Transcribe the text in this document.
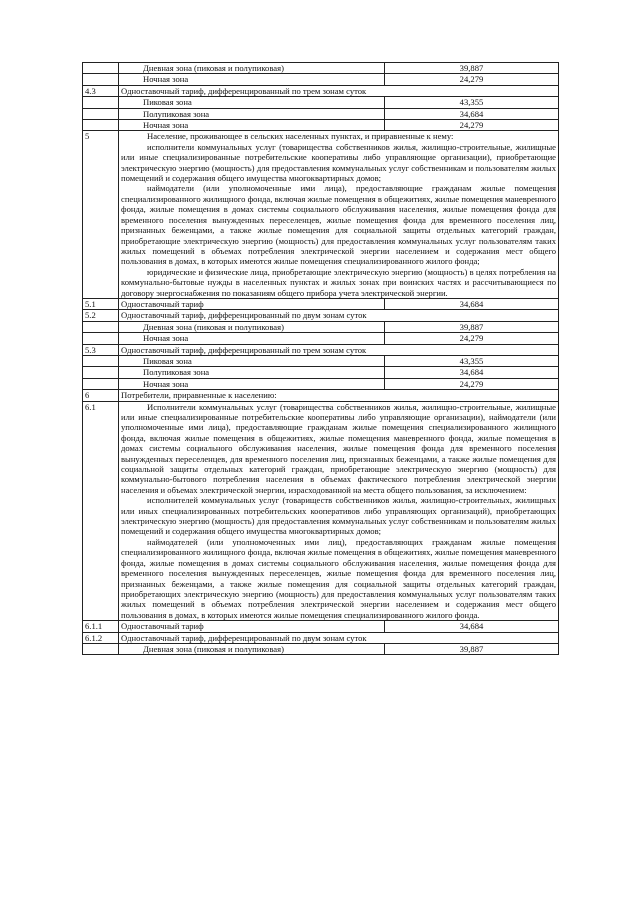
	Дневная зона (пиковая и полупиковая)	39,887
	Ночная зона	24,279
4.3	Одноставочный тариф, дифференцированный по трем зонам суток	
	Пиковая зона	43,355
	Полупиковая зона	34,684
	Ночная зона	24,279
5	Население, проживающее в сельских населенных пунктах, и приравненные к нему:
исполнители коммунальных услуг (товарищества собственников жилья, жилищно-строительные, жилищные или иные специализированные потребительские кооперативы либо управляющие организации), приобретающие электрическую энергию (мощность) для предоставления коммунальных услуг собственникам и пользователям жилых помещений и содержания общего имущества многоквартирных домов;
наймодатели (или уполномоченные ими лица), предоставляющие гражданам жилые помещения специализированного жилищного фонда, включая жилые помещения в общежитиях, жилые помещения маневренного фонда, жилые помещения в домах системы социального обслуживания населения, жилые помещения фонда для временного поселения вынужденных переселенцев, жилые помещения фонда для временного поселения лиц, признанных беженцами, а также жилые помещения для социальной защиты отдельных категорий граждан, приобретающие электрическую энергию (мощность) для предоставления коммунальных услуг пользователям таких жилых помещений в объемах потребления электрической энергии населением и содержания мест общего пользования в домах, в которых имеются жилые помещения специализированного жилого фонда;
юридические и физические лица, приобретающие электрическую энергию (мощность) в целях потребления на коммунально-бытовые нужды в населенных пунктах и жилых зонах при воинских частях и рассчитывающиеся по договору энергоснабжения по показаниям общего прибора учета электрической энергии.	

5.1	Одноставочный тариф	34,684
5.2	Одноставочный тариф, дифференцированный по двум зонам суток	
	Дневная зона (пиковая и полупиковая)	39,887
	Ночная зона	24,279
5.3	Одноставочный тариф, дифференцированный по трем зонам суток	
	Пиковая зона	43,355
	Полупиковая зона	34,684
	Ночная зона	24,279
6	Потребители, приравненные к населению:	
6.1	Исполнители коммунальных услуг (товарищества собственников жилья, жилищно-строительные, жилищные или иные специализированные потребительские кооперативы либо управляющие организации), наймодатели (или уполномоченные ими лица), предоставляющие гражданам жилые помещения специализированного жилищного фонда, включая жилые помещения в общежитиях, жилые помещения маневренного фонда, жилые помещения в домах системы социального обслуживания населения, жилые помещения фонда для временного поселения вынужденных переселенцев, для временного поселения лиц, признанных беженцами, а также жилые помещения для социальной защиты отдельных категорий граждан, приобретающие электрическую энергию (мощность) для коммунально-бытового потребления населения в объемах фактического потребления электрической энергии населения и объемах электрической энергии, израсходованной на места общего пользования, за исключением:
исполнителей коммунальных услуг (товариществ собственников жилья, жилищно-строительных, жилищных или иных специализированных потребительских кооперативов либо управляющих организаций), приобретающих электрическую энергию (мощность) для предоставления коммунальных услуг собственникам и пользователям жилых помещений и содержания общего имущества многоквартирных домов;
наймодателей (или уполномоченных ими лиц), предоставляющих гражданам жилые помещения специализированного жилищного фонда, включая жилые помещения в общежитиях, жилые помещения маневренного фонда, жилые помещения в домах системы социального обслуживания населения, жилые помещения фонда для временного поселения вынужденных переселенцев, жилые помещения фонда для временного поселения лиц, признанных беженцами, а также жилые помещения для социальной защиты отдельных категорий граждан, приобретающих электрическую энергию (мощность) для предоставления коммунальных услуг пользователям таких жилых помещений в объемах потребления электрической энергии населением и содержания мест общего пользования в домах, в которых имеются жилые помещения специализированного жилого фонда.	

6.1.1	Одноставочный тариф	34,684
6.1.2	Одноставочный тариф, дифференцированный по двум зонам суток	
	Дневная зона (пиковая и полупиковая)	39,887
